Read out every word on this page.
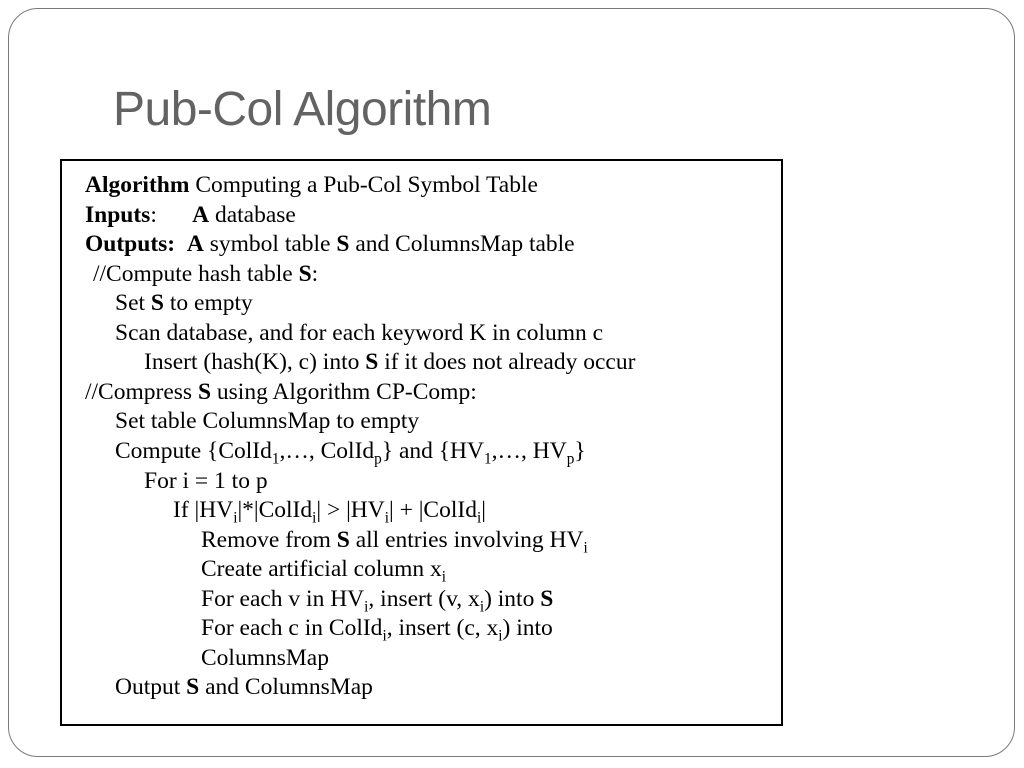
Pub-Col Algorithm
Algorithm Computing a Pub-Col Symbol Table
Inputs:      A database
Outputs: A symbol table S and ColumnsMap table
//Compute hash table S:
Set S to empty
Scan database, and for each keyword K in column c
Insert (hash(K), c) into S if it does not already occur
//Compress S using Algorithm CP-Comp:
Set table ColumnsMap to empty
Compute {ColId$_1$,…, ColId$_p$} and {$HV_1,\dots$, $HV_p$}
For i = 1 to p
If $|HV_i|*|ColId_i| > |HV_i|$ + |ColId$_i$|
Remove from S all entries involving $HV_i$
Create artificial column $x_i$
For each v in $HV_i$, insert (v, $x_i$) into S
For each c in ColId$_i$, insert (c, $x_i$) into
ColumnsMap
Output S and ColumnsMap
